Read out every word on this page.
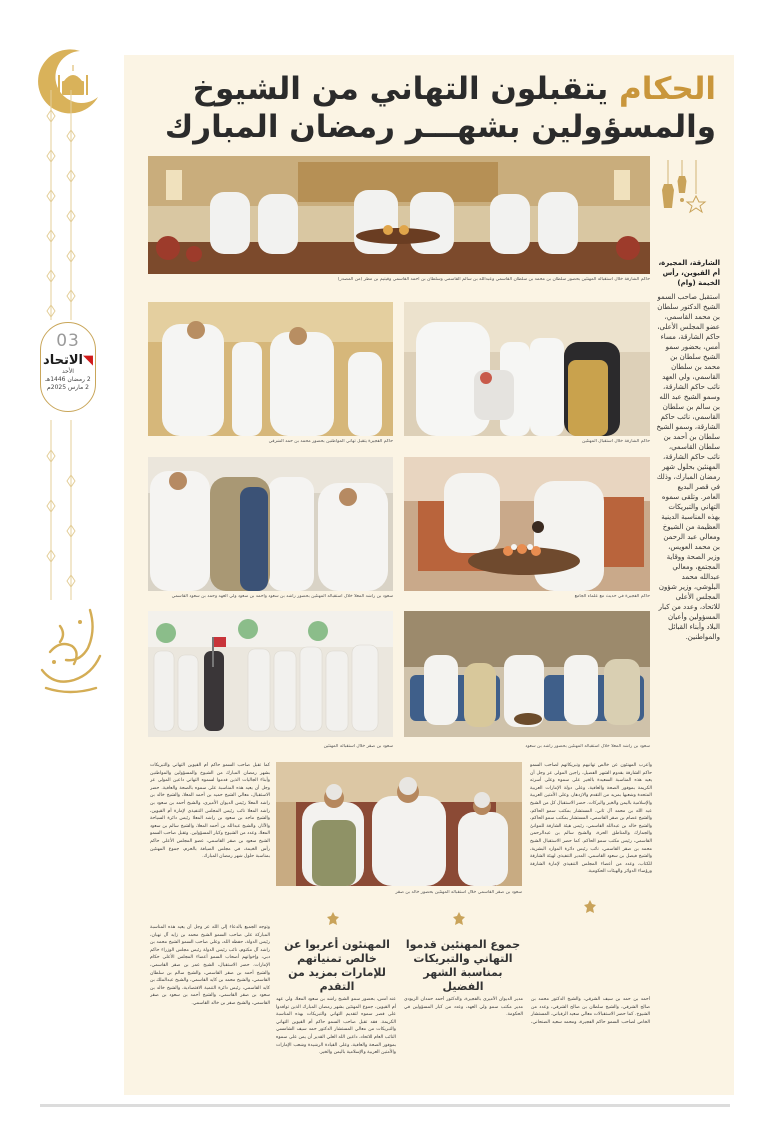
03
◥الاتحاد
الأحد
2 رمضان 1446هـ
2 مارس 2025م
رمضان مبارك
الحكام يتقبلون التهاني من الشيوخ
والمسؤولين بشهـــر رمضان المبارك
حاكم الشارقة خلال استقباله المهنئين بحضور سلطان بن محمد بن سلطان القاسمي وعبدالله بن سالم القاسمي وسلطان بن أحمد القاسمي وقيتيم بن مطر (من المصدر)
حاكم الفجيرة يتقبل تهاني المواطنين بحضور محمد بن حمد الشرقي	حاكم الشارقة خلال استقبال المهنئين
سعود بن راشد المعلا خلال استقباله المهنئين بحضور راشد بن سعود وأحمد بن سعود ولي العهد وحمد بن سعود القاسمي	حاكم الفجيرة في حديث مع علماء الجامع
سعود بن صقر خلال استقباله المهنئين	سعود بن راشد المعلا خلال استقباله المهنئين بحضور راشد بن سعود
سعود بن صقر القاسمي خلال استقباله المهنئين بحضور خالد بن صقر
الشارقة، المجيرة، أم القيوين، رأس الخيمة (وام)
استقبل صاحب السمو الشيخ الدكتور سلطان بن محمد القاسمي، عضو المجلس الأعلى، حاكم الشارقة، مساء أمس، بحضور سمو الشيخ سلطان بن محمد بن سلطان القاسمي، ولي العهد نائب حاكم الشارقة، وسمو الشيخ عبد الله بن سالم بن سلطان القاسمي، نائب حاكم الشارقة، وسمو الشيخ سلطان بن أحمد بن سلطان القاسمي، نائب حاكم الشارقة، المهنئين بحلول شهر رمضان المبارك، وذلك في قصر البديع العامر. وتلقى سموه التهاني والتبريكات بهذه المناسبة الدينية العظيمة من الشيوخ ومعالي عبد الرحمن بن محمد العويس، وزير الصحة ووقاية المجتمع، ومعالي عبدالله محمد البلوشي، وزير شؤون المجلس الأعلى للاتحاد، وعدد من كبار المسؤولين وأعيان البلاد وأبناء القبائل والمواطنين.
وأعرب المهنئون عن خالص تهانيهم وتبريكاتهم لصاحب السمو حاكم الشارقة بقدوم الشهر الفضيل، راجين المولى عز وجل أن يعيد هذه المناسبة السعيدة بالخير على سموه وعلى أسرته الكريمة بموفور الصحة والعافية، وعلى دولة الإمارات العربية المتحدة وشعبها بمزيد من التقدم والازدهار، وعلى الأمتين العربية والإسلامية باليمن والخير والبركات. حضر الاستقبال كل من الشيخ عبد الله بن محمد آل ثاني، المستشار بمكتب سمو الحاكم، والشيخ عصام بن صقر القاسمي، المستشار بمكتب سمو الحاكم، والشيخ خالد بن عبدالله القاسمي، رئيس هيئة الشارقة للموانئ والجمارك والمناطق الحرة، والشيخ سالم بن عبدالرحمن القاسمي، رئيس مكتب سمو الحاكم. كما حضر الاستقبال الشيخ محمد بن صقر القاسمي، نائب رئيس دائرة الموارد البشرية، والشيخ فيصل بن سعود القاسمي، المدير التنفيذي لهيئة الشارقة للكتاب، وعدد من أعضاء المجلس التنفيذي لإمارة الشارقة ورؤساء الدوائر والهيئات الحكومية.
كما تقبل صاحب السمو حاكم أم القيوين التهاني والتبريكات بشهر رمضان المبارك من الشيوخ والمسؤولين والمواطنين وأبناء الجاليات الذين قدموا لسموه التهاني داعين المولى عز وجل أن يعيد هذه المناسبة على سموه بالصحة والعافية. حضر الاستقبال، معالي الشيخ حميد بن أحمد المعلا، والشيخ خالد بن راشد المعلا رئيس الديوان الأميري، والشيخ أحمد بن سعود بن راشد المعلا نائب رئيس المجلس التنفيذي لإمارة أم القيوين، والشيخ ماجد بن سعود بن راشد المعلا رئيس دائرة السياحة والآثار، والشيخ عبدالله بن أحمد المعلا، والشيخ سالم بن سعود المعلا، وعدد من الشيوخ وكبار المسؤولين. وتقبل صاحب السمو الشيخ سعود بن صقر القاسمي، عضو المجلس الأعلى حاكم رأس الخيمة، في مجلس الضيافة بالحرم، جموع المهنئين بمناسبة حلول شهر رمضان المبارك.
وتوجه الجميع بالدعاء إلى الله عز وجل أن يعيد هذه المناسبة المباركة على صاحب السمو الشيخ محمد بن زايد آل نهيان، رئيس الدولة، حفظه الله، وعلى صاحب السمو الشيخ محمد بن راشد آل مكتوم، نائب رئيس الدولة رئيس مجلس الوزراء حاكم دبي، وإخوانهم أصحاب السمو أعضاء المجلس الأعلى حكام الإمارات. حضر الاستقبال، الشيخ عمر بن صقر القاسمي، والشيخ أحمد بن صقر القاسمي، والشيخ سالم بن سلطان القاسمي، والشيخ محمد بن كايد القاسمي، والشيخ عبدالملك بن كايد القاسمي، رئيس دائرة التنمية الاقتصادية، والشيخ خالد بن سعود بن صقر القاسمي، والشيخ أحمد بن سعود بن صقر القاسمي، والشيخ صقر بن خالد القاسمي.
جموع المهنئين قدموا التهاني والتبريكات بمناسبة الشهر الفضيل
المهنئون أعربوا عن خالص تمنياتهم للإمارات بمزيد من التقدم
أحمد بن حمد بن سيف الشرقي، والشيخ الدكتور محمد بن صالح الشرقي، والشيخ سلطان بن صالح الشرقي، وعدد من الشيوخ. كما حضر الاستقبالات معالي سعيد الرقباني، المستشار الخاص لصاحب السمو حاكم الفجيرة، ومحمد سعيد الضنحاني، مدير الديوان الأميري بالفجيرة، والدكتور أحمد حمدان الزيودي مدير مكتب سمو ولي العهد، وعدد من كبار المسؤولين في الحكومة.
عنه أمس، بحضور سمو الشيخ راشد بن سعود المعلا، ولي عهد أم القيوين، جموع المهنئين بشهر رمضان المبارك الذين توافدوا على قصر سموه لتقديم التهاني والتبريكات بهذه المناسبة الكريمة. فقد تقبل صاحب السمو حاكم أم القيوين التهاني والتبريكات من معالي المستشار الدكتور حمد سيف الشامسي النائب العام للاتحاد، داعين الله العلي القدير أن يمن على سموه بموفور الصحة والعافية، وعلى القيادة الرشيدة وشعب الإمارات والأمتين العربية والإسلامية باليمن والخير.
